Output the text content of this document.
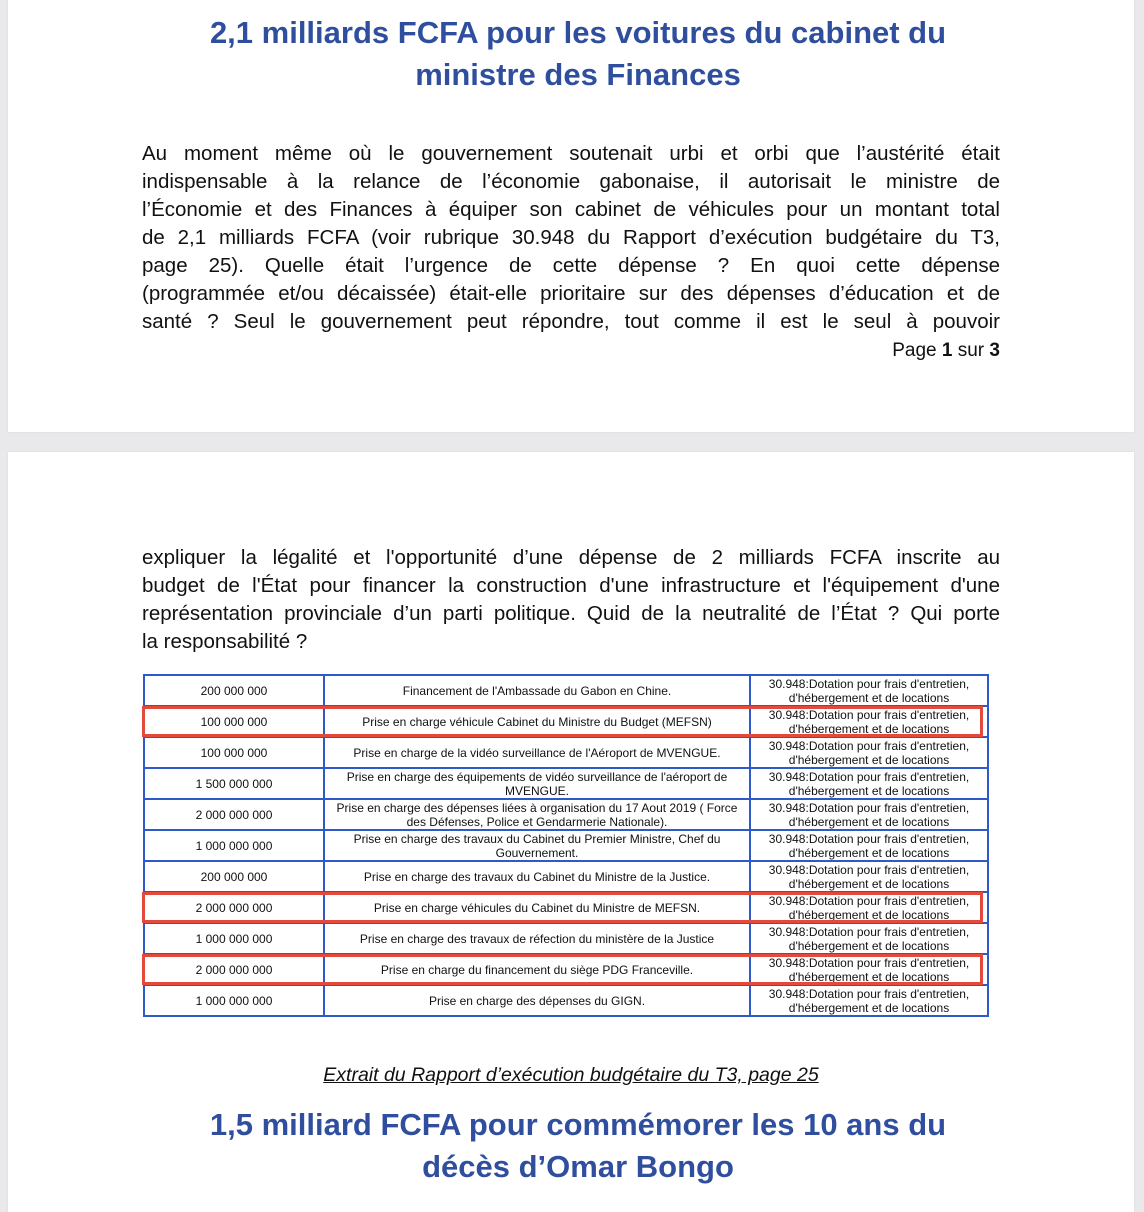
2,1 milliards FCFA pour les voitures du cabinet du
ministre des Finances
Au moment même où le gouvernement soutenait urbi et orbi que l’austérité était
indispensable à la relance de l’économie gabonaise, il autorisait le ministre de
l’Économie et des Finances à équiper son cabinet de véhicules pour un montant total
de 2,1 milliards FCFA (voir rubrique 30.948 du Rapport d’exécution budgétaire du T3,
page 25). Quelle était l’urgence de cette dépense ? En quoi cette dépense
(programmée et/ou décaissée) était-elle prioritaire sur des dépenses d’éducation et de
santé ? Seul le gouvernement peut répondre, tout comme il est le seul à pouvoir
Page 1 sur 3
expliquer la légalité et l'opportunité d’une dépense de 2 milliards FCFA inscrite au
budget de l'État pour financer la construction d'une infrastructure et l'équipement d'une
représentation provinciale d’un parti politique. Quid de la neutralité de l’État ? Qui porte
la responsabilité ?
200 000 000	Financement de l'Ambassade du Gabon en Chine.	30.948:Dotation pour frais d'entretien,
d'hébergement et de locations
100 000 000	Prise en charge véhicule Cabinet du Ministre du Budget (MEFSN)	30.948:Dotation pour frais d'entretien,
d'hébergement et de locations
100 000 000	Prise en charge de la vidéo surveillance de l'Aéroport de MVENGUE.	30.948:Dotation pour frais d'entretien,
d'hébergement et de locations
1 500 000 000	Prise en charge des équipements de vidéo surveillance de l'aéroport de MVENGUE.	30.948:Dotation pour frais d'entretien,
d'hébergement et de locations
2 000 000 000	Prise en charge des dépenses liées à organisation du 17 Aout 2019 ( Force des Défenses, Police et Gendarmerie Nationale).	30.948:Dotation pour frais d'entretien,
d'hébergement et de locations
1 000 000 000	Prise en charge des travaux du Cabinet du Premier Ministre, Chef du Gouvernement.	30.948:Dotation pour frais d'entretien,
d'hébergement et de locations
200 000 000	Prise en charge des travaux du Cabinet du Ministre de la Justice.	30.948:Dotation pour frais d'entretien,
d'hébergement et de locations
2 000 000 000	Prise en charge véhicules du Cabinet du Ministre de MEFSN.	30.948:Dotation pour frais d'entretien,
d'hébergement et de locations
1 000 000 000	Prise en charge des travaux de réfection du ministère de la Justice	30.948:Dotation pour frais d'entretien,
d'hébergement et de locations
2 000 000 000	Prise en charge du financement du siège PDG Franceville.	30.948:Dotation pour frais d'entretien,
d'hébergement et de locations
1 000 000 000	Prise en charge des dépenses du GIGN.	30.948:Dotation pour frais d'entretien,
d'hébergement et de locations
Extrait du Rapport d’exécution budgétaire du T3, page 25
1,5 milliard FCFA pour commémorer les 10 ans du
décès d’Omar Bongo
